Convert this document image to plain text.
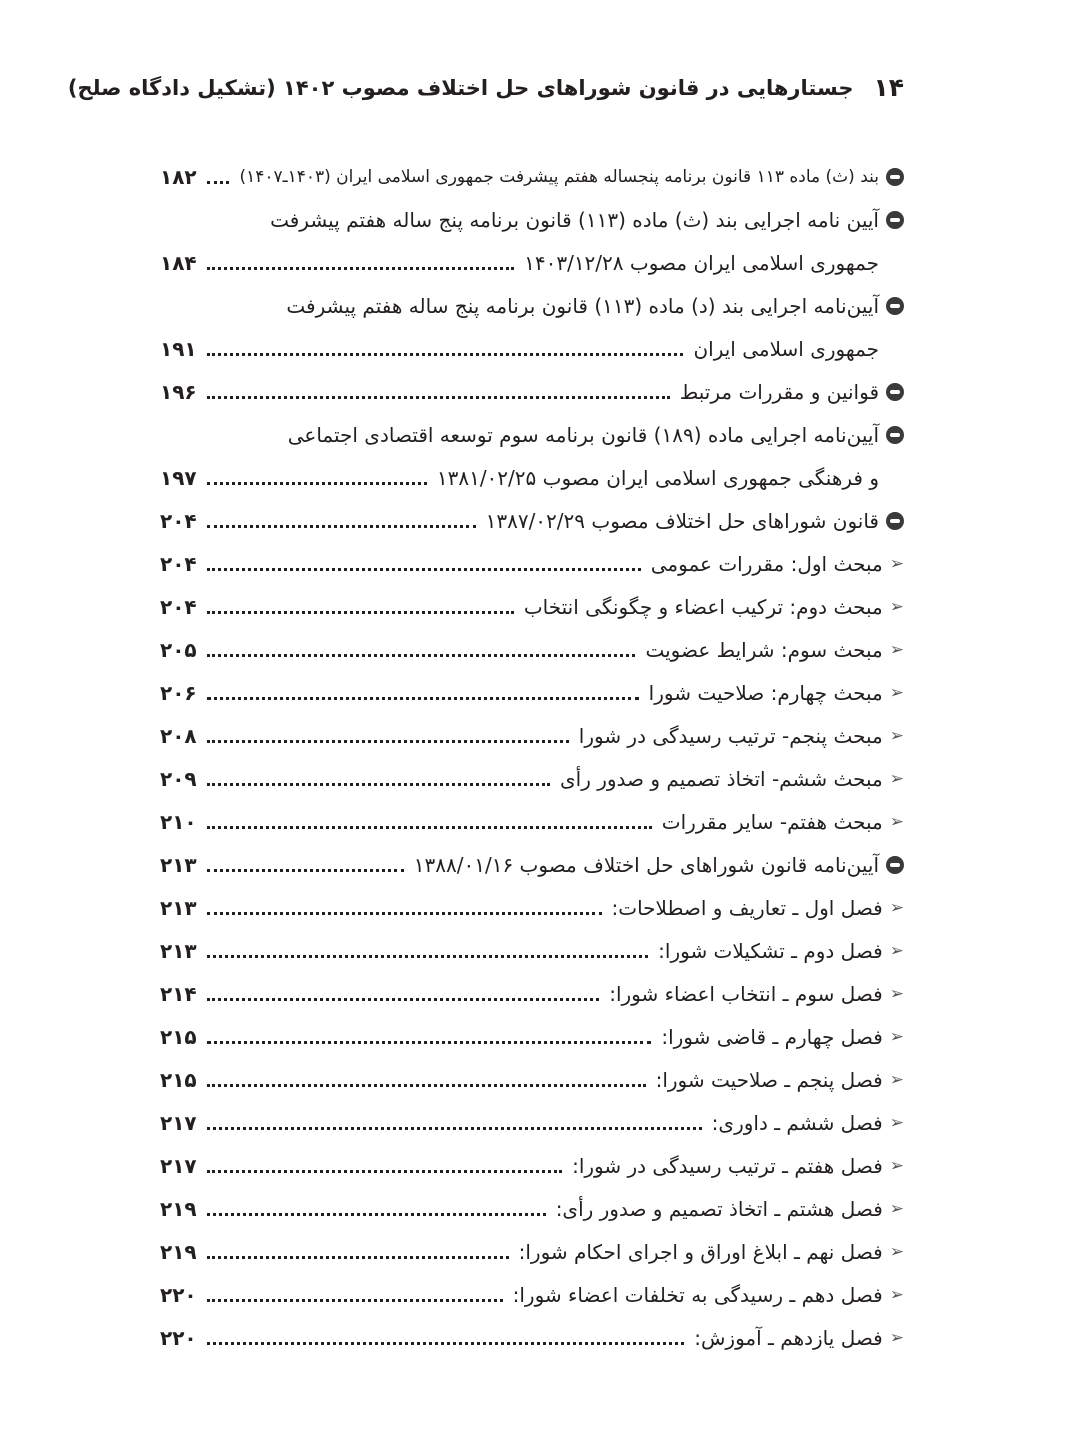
۱۴
جستارهایی در قانون شوراهای حل اختلاف مصوب ۱۴۰۲ (تشکیل دادگاه صلح)
بند (ث) ماده ۱۱۳ قانون برنامه پنجساله هفتم پیشرفت جمهوری اسلامی ایران (۱۴۰۳ـ۱۴۰۷)
۱۸۲
آیین نامه اجرایی بند (ث) ماده (۱۱۳) قانون برنامه پنج ساله هفتم پیشرفت
جمهوری اسلامی ایران مصوب ۱۴۰۳/۱۲/۲۸
۱۸۴
آیین‌نامه اجرایی بند (د) ماده (۱۱۳) قانون برنامه پنج ساله هفتم پیشرفت
جمهوری اسلامی ایران
۱۹۱
قوانین و مقررات مرتبط
۱۹۶
آیین‌نامه اجرایی ماده (۱۸۹) قانون برنامه سوم توسعه اقتصادی اجتماعی
و فرهنگی جمهوری اسلامی ایران مصوب ۱۳۸۱/۰۲/۲۵
۱۹۷
قانون شوراهای حل اختلاف مصوب ۱۳۸۷/۰۲/۲۹
۲۰۴
➢
مبحث اول: مقررات عمومی
۲۰۴
➢
مبحث دوم: ترکیب اعضاء و چگونگی انتخاب
۲۰۴
➢
مبحث سوم: شرایط عضویت
۲۰۵
➢
مبحث چهارم: صلاحیت شورا
۲۰۶
➢
مبحث پنجم- ترتیب رسیدگی در شورا
۲۰۸
➢
مبحث ششم- اتخاذ تصمیم و صدور رأی
۲۰۹
➢
مبحث هفتم- سایر مقررات
۲۱۰
آیین‌نامه قانون شوراهای حل اختلاف مصوب ۱۳۸۸/۰۱/۱۶
۲۱۳
➢
فصل اول ـ تعاریف و اصطلاحات:
۲۱۳
➢
فصل دوم ـ تشکیلات شورا:
۲۱۳
➢
فصل سوم ـ انتخاب اعضاء شورا:
۲۱۴
➢
فصل چهارم ـ قاضی شورا:
۲۱۵
➢
فصل پنجم ـ صلاحیت شورا:
۲۱۵
➢
فصل ششم ـ داوری:
۲۱۷
➢
فصل هفتم ـ ترتیب رسیدگی در شورا:
۲۱۷
➢
فصل هشتم ـ اتخاذ تصمیم و صدور رأی:
۲۱۹
➢
فصل نهم ـ ابلاغ اوراق و اجرای احکام شورا:
۲۱۹
➢
فصل دهم ـ رسیدگی به تخلفات اعضاء شورا:
۲۲۰
➢
فصل یازدهم ـ آموزش:
۲۲۰
